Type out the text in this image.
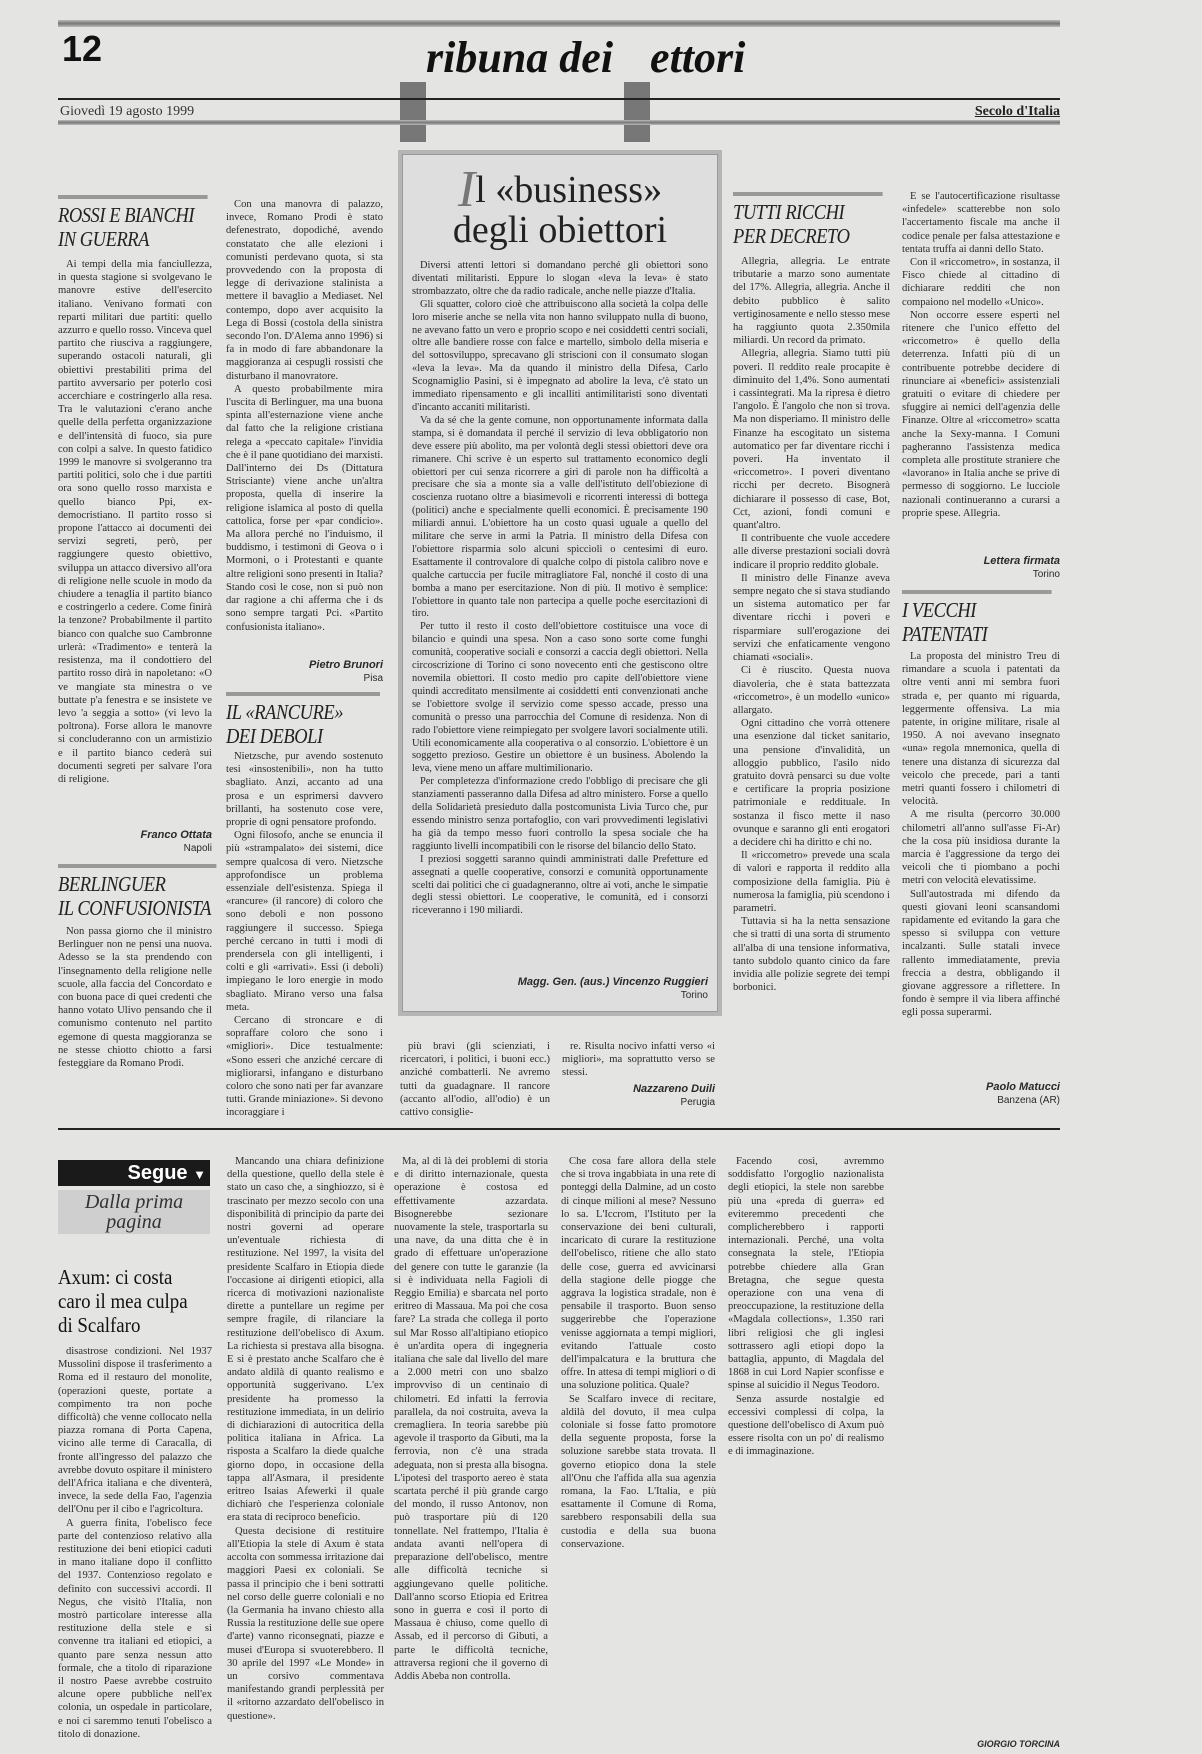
12
Tribuna dei Lettori
Giovedì 19 agosto 1999	Secolo d'Italia
ROSSI E BIANCHI IN GUERRA

Ai tempi della mia fanciullezza, in questa stagione si svolgevano le manovre estive dell'esercito italiano. Venivano formati con reparti militari due partiti: quello azzurro e quello rosso. Vinceva quel partito che riusciva a raggiungere, superando ostacoli naturali, gli obiettivi prestabiliti prima del partito avversario per poterlo così accerchiare e costringerlo alla resa. Tra le valutazioni c'erano anche quelle della perfetta organizzazione e dell'intensità di fuoco, sia pure con colpi a salve. In questo fatidico 1999 le manovre si svolgeranno tra partiti politici, solo che i due partiti ora sono quello rosso marxista e quello bianco Ppi, ex-democristiano. Il partito rosso si propone l'attacco ai documenti dei servizi segreti, però, per raggiungere questo obiettivo, sviluppa un attacco diversivo all'ora di religione nelle scuole in modo da chiudere a tenaglia il partito bianco e costringerlo a cedere. Come finirà la tenzone? Probabilmente il partito bianco con qualche suo Cambronne urlerà: «Tradimento» e tenterà la resistenza, ma il condottiero del partito rosso dirà in napoletano: «O ve mangiate sta minestra o ve buttate p'a fenestra e se insistete ve levo 'a seggia a sotto» (vi levo la poltrona). Forse allora le manovre si concluderanno con un armistizio e il partito bianco cederà sui documenti segreti per salvare l'ora di religione.

Franco Ottata
Napoli
BERLINGUER
IL CONFUSIONISTA

Non passa giorno che il ministro Berlinguer non ne pensi una nuova. Adesso se la sta prendendo con l'insegnamento della religione nelle scuole, alla faccia del Concordato e con buona pace di quei credenti che hanno votato Ulivo pensando che il comunismo contenuto nel partito egemone di questa maggioranza se ne stesse chiotto chiotto a farsi festeggiare da Romano Prodi.

Con una manovra di palazzo, invece, Romano Prodi è stato defenestrato, dopodiché, avendo constatato che alle elezioni i comunisti perdevano quota, si sta provvedendo con la proposta di legge di derivazione stalinista a mettere il bavaglio a Mediaset. Nel contempo, dopo aver acquisito la Lega di Bossi (costola della sinistra secondo l'on. D'Alema anno 1996) si fa in modo di fare abbandonare la maggioranza ai cespugli rossisti che disturbano il manovratore.

A questo probabilmente mira l'uscita di Berlinguer, ma una buona spinta all'esternazione viene anche dal fatto che la religione cristiana relega a «peccato capitale» l'invidia che è il pane quotidiano dei marxisti. Dall'interno dei Ds (Dittatura Strisciante) viene anche un'altra proposta, quella di inserire la religione islamica al posto di quella cattolica, forse per «par condicio». Ma allora perché no l'induismo, il buddismo, i testimoni di Geova o i Mormoni, o i Protestanti e quante altre religioni sono presenti in Italia? Stando così le cose, non si può non dar ragione a chi afferma che i ds sono sempre targati Pci. «Partito confusionista italiano».

Pietro Brunori
Pisa
IL «RANCURE»
DEI DEBOLI

Nietzsche, pur avendo sostenuto tesi «insostenibili», non ha tutto sbagliato. Anzi, accanto ad una prosa e un esprimersi davvero brillanti, ha sostenuto cose vere, proprie di ogni pensatore profondo.

Ogni filosofo, anche se enuncia il più «strampalato» dei sistemi, dice sempre qualcosa di vero. Nietzsche approfondisce un problema essenziale dell'esistenza. Spiega il «rancure» (il rancore) di coloro che sono deboli e non possono raggiungere il successo. Spiega perché cercano in tutti i modi di prendersela con gli intelligenti, i colti e gli «arrivati». Essi (i deboli) impiegano le loro energie in modo sbagliato. Mirano verso una falsa meta.

Cercano di stroncare e di sopraffare coloro che sono i «migliori». Dice testualmente: «Sono esseri che anziché cercare di migliorarsi, infangano e disturbano coloro che sono nati per far avanzare tutti. Grande miniazione». Si devono incoraggiare i

Il «business»
degli obiettori

Diversi attenti lettori si domandano perché gli obiettori sono diventati militaristi. Eppure lo slogan «leva la leva» è stato strombazzato, oltre che da radio radicale, anche nelle piazze d'Italia.

Gli squatter, coloro cioè che attribuiscono alla società la colpa delle loro miserie anche se nella vita non hanno sviluppato nulla di buono, ne avevano fatto un vero e proprio scopo e nei cosiddetti centri sociali, oltre alle bandiere rosse con falce e martello, simbolo della miseria e del sottosviluppo, sprecavano gli striscioni con il consumato slogan «leva la leva». Ma da quando il ministro della Difesa, Carlo Scognamiglio Pasini, si è impegnato ad abolire la leva, c'è stato un immediato ripensamento e gli incalliti antimilitaristi sono diventati d'incanto accaniti militaristi.

Va da sé che la gente comune, non opportunamente informata dalla stampa, si è domandata il perché il servizio di leva obbligatorio non deve essere più abolito, ma per volontà degli stessi obiettori deve ora rimanere. Chi scrive è un esperto sul trattamento economico degli obiettori per cui senza ricorrere a giri di parole non ha difficoltà a precisare che sia a monte sia a valle dell'istituto dell'obiezione di coscienza ruotano oltre a biasimevoli e ricorrenti interessi di bottega (politici) anche e specialmente quelli economici. È precisamente 190 miliardi annui. L'obiettore ha un costo quasi uguale a quello del militare che serve in armi la Patria. Il ministro della Difesa con l'obiettore risparmia solo alcuni spiccioli o centesimi di euro. Esattamente il controvalore di qualche colpo di pistola calibro nove e qualche cartuccia per fucile mitragliatore Fal, nonché il costo di una bomba a mano per esercitazione. Non di più. Il motivo è semplice: l'obiettore in quanto tale non partecipa a quelle poche esercitazioni di tiro.

Per tutto il resto il costo dell'obiettore costituisce una voce di bilancio e quindi una spesa. Non a caso sono sorte come funghi comunità, cooperative sociali e consorzi a caccia degli obiettori. Nella circoscrizione di Torino ci sono novecento enti che gestiscono oltre novemila obiettori. Il costo medio pro capite dell'obiettore viene quindi accreditato mensilmente ai cosiddetti enti convenzionati anche se l'obiettore svolge il servizio come spesso accade, presso una comunità o presso una parrocchia del Comune di residenza. Non di rado l'obiettore viene reimpiegato per svolgere lavori socialmente utili. Utili economicamente alla cooperativa o al consorzio. L'obiettore è un soggetto prezioso. Gestire un obiettore è un business. Abolendo la leva, viene meno un affare multimilionario.

Per completezza d'informazione credo l'obbligo di precisare che gli stanziamenti passeranno dalla Difesa ad altro ministero. Forse a quello della Solidarietà presieduto dalla postcomunista Livia Turco che, pur essendo ministro senza portafoglio, con vari provvedimenti legislativi ha già da tempo messo fuori controllo la spesa sociale che ha raggiunto livelli incompatibili con le risorse del bilancio dello Stato.

I preziosi soggetti saranno quindi amministrati dalle Prefetture ed assegnati a quelle cooperative, consorzi e comunità opportunamente scelti dai politici che ci guadagneranno, oltre ai voti, anche le simpatie degli stessi obiettori. Le cooperative, le comunità, ed i consorzi riceveranno i 190 miliardi.

Magg. Gen. (aus.) Vincenzo Ruggieri
Torino

più bravi (gli scienziati, i ricercatori, i politici, i buoni ecc.) anziché combatterli. Ne avremo tutti da guadagnare. Il rancore (accanto all'odio, all'odio) è un cattivo consiglie-

re. Risulta nocivo infatti verso «i migliori», ma soprattutto verso se stessi.

Nazzareno Duili
Perugia
TUTTI RICCHI
PER DECRETO

Allegria, allegria. Le entrate tributarie a marzo sono aumentate del 17%. Allegria, allegria. Anche il debito pubblico è salito vertiginosamente e nello stesso mese ha raggiunto quota 2.350mila miliardi. Un record da primato.

Allegria, allegria. Siamo tutti più poveri. Il reddito reale procapite è diminuito del 1,4%. Sono aumentati i cassintegrati. Ma la ripresa è dietro l'angolo. È l'angolo che non si trova. Ma non disperiamo. Il ministro delle Finanze ha escogitato un sistema automatico per far diventare ricchi i poveri. Ha inventato il «riccometro». I poveri diventano ricchi per decreto. Bisognerà dichiarare il possesso di case, Bot, Cct, azioni, fondi comuni e quant'altro.

Il contribuente che vuole accedere alle diverse prestazioni sociali dovrà indicare il proprio reddito globale.

Il ministro delle Finanze aveva sempre negato che si stava studiando un sistema automatico per far diventare ricchi i poveri e risparmiare sull'erogazione dei servizi che enfaticamente vengono chiamati «sociali».

Ci è riuscito. Questa nuova diavoleria, che è stata battezzata «riccometro», è un modello «unico» allargato.

Ogni cittadino che vorrà ottenere una esenzione dal ticket sanitario, una pensione d'invalidità, un alloggio pubblico, l'asilo nido gratuito dovrà pensarci su due volte e certificare la propria posizione patrimoniale e reddituale. In sostanza il fisco mette il naso ovunque e saranno gli enti erogatori a decidere chi ha diritto e chi no.

Il «riccometro» prevede una scala di valori e rapporta il reddito alla composizione della famiglia. Più è numerosa la famiglia, più scendono i parametri.

Tuttavia si ha la netta sensazione che si tratti di una sorta di strumento all'alba di una tensione informativa, tanto subdolo quanto cinico da fare invidia alle polizie segrete dei tempi borbonici.

E se l'autocertificazione risultasse «infedele» scatterebbe non solo l'accertamento fiscale ma anche il codice penale per falsa attestazione e tentata truffa ai danni dello Stato.

Con il «riccometro», in sostanza, il Fisco chiede al cittadino di dichiarare redditi che non compaiono nel modello «Unico».

Non occorre essere esperti nel ritenere che l'unico effetto del «riccometro» è quello della deterrenza. Infatti più di un contribuente potrebbe decidere di rinunciare ai «benefici» assistenziali gratuiti o evitare di chiedere per sfuggire ai nemici dell'agenzia delle Finanze. Oltre al «riccometro» scatta anche la Sexy-manna. I Comuni pagheranno l'assistenza medica completa alle prostitute straniere che «lavorano» in Italia anche se prive di permesso di soggiorno. Le lucciole nazionali continueranno a curarsi a proprie spese. Allegria.

Lettera firmata
Torino
I VECCHI
PATENTATI

La proposta del ministro Treu di rimandare a scuola i patentati da oltre venti anni mi sembra fuori strada e, per quanto mi riguarda, leggermente offensiva. La mia patente, in origine militare, risale al 1950. A noi avevano insegnato «una» regola mnemonica, quella di tenere una distanza di sicurezza dal veicolo che precede, pari a tanti metri quanti fossero i chilometri di velocità.

A me risulta (percorro 30.000 chilometri all'anno sull'asse Fi-Ar) che la cosa più insidiosa durante la marcia è l'aggressione da tergo dei veicoli che ti piombano a pochi metri con velocità elevatissime.

Sull'autostrada mi difendo da questi giovani leoni scansandomi rapidamente ed evitando la gara che spesso si sviluppa con vetture incalzanti. Sulle statali invece rallento immediatamente, previa freccia a destra, obbligando il giovane aggressore a riflettere. In fondo è sempre il via libera affinché egli possa superarmi.

Paolo Matucci
Banzena (AR)
Segue ▼
Dalla prima pagina
Axum: ci costa caro il mea culpa di Scalfaro

disastrose condizioni. Nel 1937 Mussolini dispose il trasferimento a Roma ed il restauro del monolite, (operazioni queste, portate a compimento tra non poche difficoltà) che venne collocato nella piazza romana di Porta Capena, vicino alle terme di Caracalla, di fronte all'ingresso del palazzo che avrebbe dovuto ospitare il ministero dell'Africa italiana e che diventerà, invece, la sede della Fao, l'agenzia dell'Onu per il cibo e l'agricoltura.

A guerra finita, l'obelisco fece parte del contenzioso relativo alla restituzione dei beni etiopici caduti in mano italiane dopo il conflitto del 1937. Contenzioso regolato e definito con successivi accordi. Il Negus, che visitò l'Italia, non mostrò particolare interesse alla restituzione della stele e si convenne tra italiani ed etiopici, a quanto pare senza nessun atto formale, che a titolo di riparazione il nostro Paese avrebbe costruito alcune opere pubbliche nell'ex colonia, un ospedale in particolare, e noi ci saremmo tenuti l'obelisco a titolo di donazione.

Mancando una chiara definizione della questione, quello della stele è stato un caso che, a singhiozzo, si è trascinato per mezzo secolo con una disponibilità di principio da parte dei nostri governi ad operare un'eventuale richiesta di restituzione. Nel 1997, la visita del presidente Scalfaro in Etiopia diede l'occasione ai dirigenti etiopici, alla ricerca di motivazioni nazionaliste dirette a puntellare un regime per sempre fragile, di rilanciare la restituzione dell'obelisco di Axum. La richiesta si prestava alla bisogna. E si è prestato anche Scalfaro che è andato aldilà di quanto realismo e opportunità suggerivano. L'ex presidente ha promesso la restituzione immediata, in un delirio di dichiarazioni di autocritica della politica italiana in Africa. La risposta a Scalfaro la diede qualche giorno dopo, in occasione della tappa all'Asmara, il presidente eritreo Isaias Afewerki il quale dichiarò che l'esperienza coloniale era stata di reciproco beneficio.

Questa decisione di restituire all'Etiopia la stele di Axum è stata accolta con sommessa irritazione dai maggiori Paesi ex coloniali. Se passa il principio che i beni sottratti nel corso delle guerre coloniali e no (la Germania ha invano chiesto alla Russia la restituzione delle sue opere d'arte) vanno riconsegnati, piazze e musei d'Europa si svuoterebbero. Il 30 aprile del 1997 «Le Monde» in un corsivo commentava manifestando grandi perplessità per il «ritorno azzardato dell'obelisco in questione».

Ma, al di là dei problemi di storia e di diritto internazionale, questa operazione è costosa ed effettivamente azzardata. Bisognerebbe sezionare nuovamente la stele, trasportarla su una nave, da una ditta che è in grado di effettuare un'operazione del genere con tutte le garanzie (la si è individuata nella Fagioli di Reggio Emilia) e sbarcata nel porto eritreo di Massaua. Ma poi che cosa fare? La strada che collega il porto sul Mar Rosso all'altipiano etiopico è un'ardita opera di ingegneria italiana che sale dal livello del mare a 2.000 metri con uno sbalzo improvviso di un centinaio di chilometri. Ed infatti la ferrovia parallela, da noi costruita, aveva la cremagliera. In teoria sarebbe più agevole il trasporto da Gibuti, ma la ferrovia, non c'è una strada adeguata, non si presta alla bisogna. L'ipotesi del trasporto aereo è stata scartata perché il più grande cargo del mondo, il russo Antonov, non può trasportare più di 120 tonnellate. Nel frattempo, l'Italia è andata avanti nell'opera di preparazione dell'obelisco, mentre alle difficoltà tecniche si aggiungevano quelle politiche. Dall'anno scorso Etiopia ed Eritrea sono in guerra e così il porto di Massaua è chiuso, come quello di Assab, ed il percorso di Gibuti, a parte le difficoltà tecniche, attraversa regioni che il governo di Addis Abeba non controlla.

Che cosa fare allora della stele che si trova ingabbiata in una rete di ponteggi della Dalmine, ad un costo di cinque milioni al mese? Nessuno lo sa. L'Iccrom, l'Istituto per la conservazione dei beni culturali, incaricato di curare la restituzione dell'obelisco, ritiene che allo stato delle cose, guerra ed avvicinarsi della stagione delle piogge che aggrava la logistica stradale, non è pensabile il trasporto. Buon senso suggerirebbe che l'operazione venisse aggiornata a tempi migliori, evitando l'attuale costo dell'impalcatura e la bruttura che offre. In attesa di tempi migliori o di una soluzione politica. Quale?

Se Scalfaro invece di recitare, aldilà del dovuto, il mea culpa coloniale si fosse fatto promotore della seguente proposta, forse la soluzione sarebbe stata trovata. Il governo etiopico dona la stele all'Onu che l'affida alla sua agenzia romana, la Fao. L'Italia, e più esattamente il Comune di Roma, sarebbero responsabili della sua custodia e della sua buona conservazione.

Facendo così, avremmo soddisfatto l'orgoglio nazionalista degli etiopici, la stele non sarebbe più una «preda di guerra» ed eviteremmo precedenti che complicherebbero i rapporti internazionali. Perché, una volta consegnata la stele, l'Etiopia potrebbe chiedere alla Gran Bretagna, che segue questa operazione con una vena di preoccupazione, la restituzione della «Magdala collections», 1.350 rari libri religiosi che gli inglesi sottrassero agli etiopi dopo la battaglia, appunto, di Magdala del 1868 in cui Lord Napier sconfisse e spinse al suicidio il Negus Teodoro.

Senza assurde nostalgie ed eccessivi complessi di colpa, la questione dell'obelisco di Axum può essere risolta con un po' di realismo e di immaginazione.

GIORGIO TORCINA
